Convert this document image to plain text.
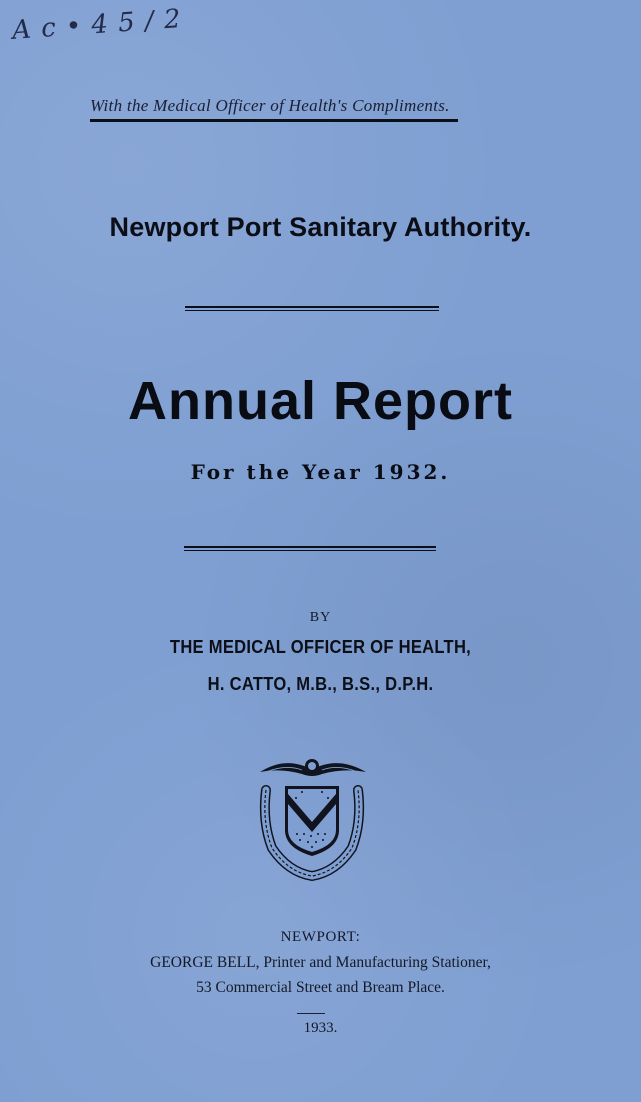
A c • 4 5 / 2
With the Medical Officer of Health's Compliments.
Newport Port Sanitary Authority.
Annual Report
For the Year 1932.
BY
THE MEDICAL OFFICER OF HEALTH,
H. CATTO, M.B., B.S., D.P.H.
NEWPORT:
GEORGE BELL, Printer and Manufacturing Stationer,
53 Commercial Street and Bream Place.
1933.
